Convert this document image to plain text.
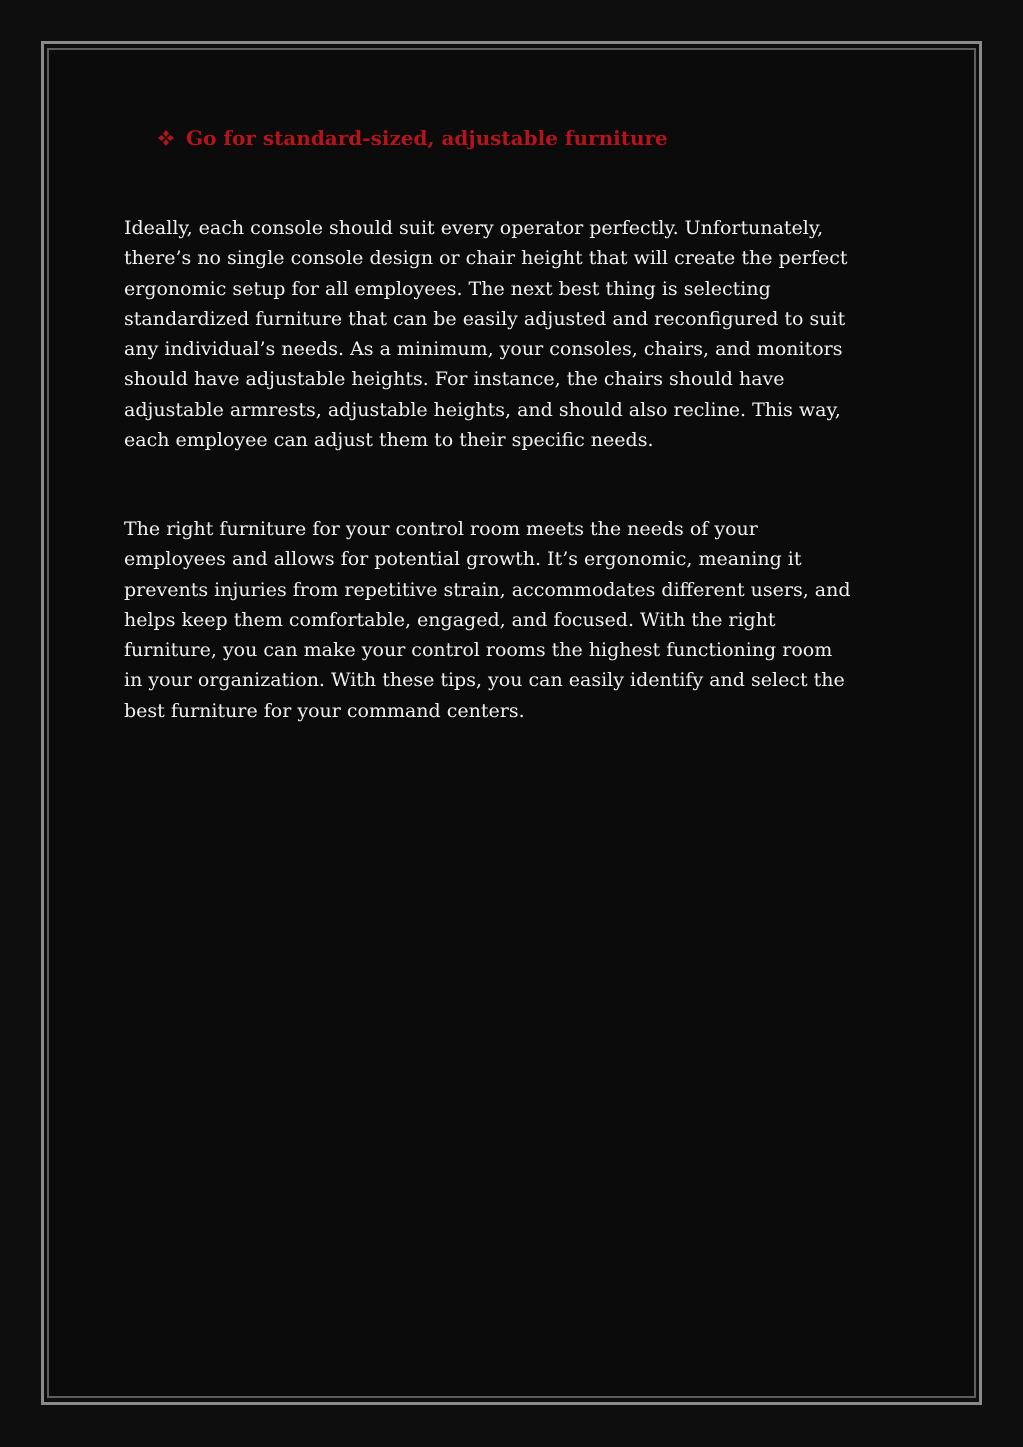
Go for standard-sized, adjustable furniture

Ideally, each console should suit every operator perfectly. Unfortunately,
there’s no single console design or chair height that will create the perfect
ergonomic setup for all employees. The next best thing is selecting
standardized furniture that can be easily adjusted and reconfigured to suit
any individual’s needs. As a minimum, your consoles, chairs, and monitors
should have adjustable heights. For instance, the chairs should have
adjustable armrests, adjustable heights, and should also recline. This way,
each employee can adjust them to their specific needs.

The right furniture for your control room meets the needs of your
employees and allows for potential growth. It’s ergonomic, meaning it
prevents injuries from repetitive strain, accommodates different users, and
helps keep them comfortable, engaged, and focused. With the right
furniture, you can make your control rooms the highest functioning room
in your organization. With these tips, you can easily identify and select the
best furniture for your command centers.
